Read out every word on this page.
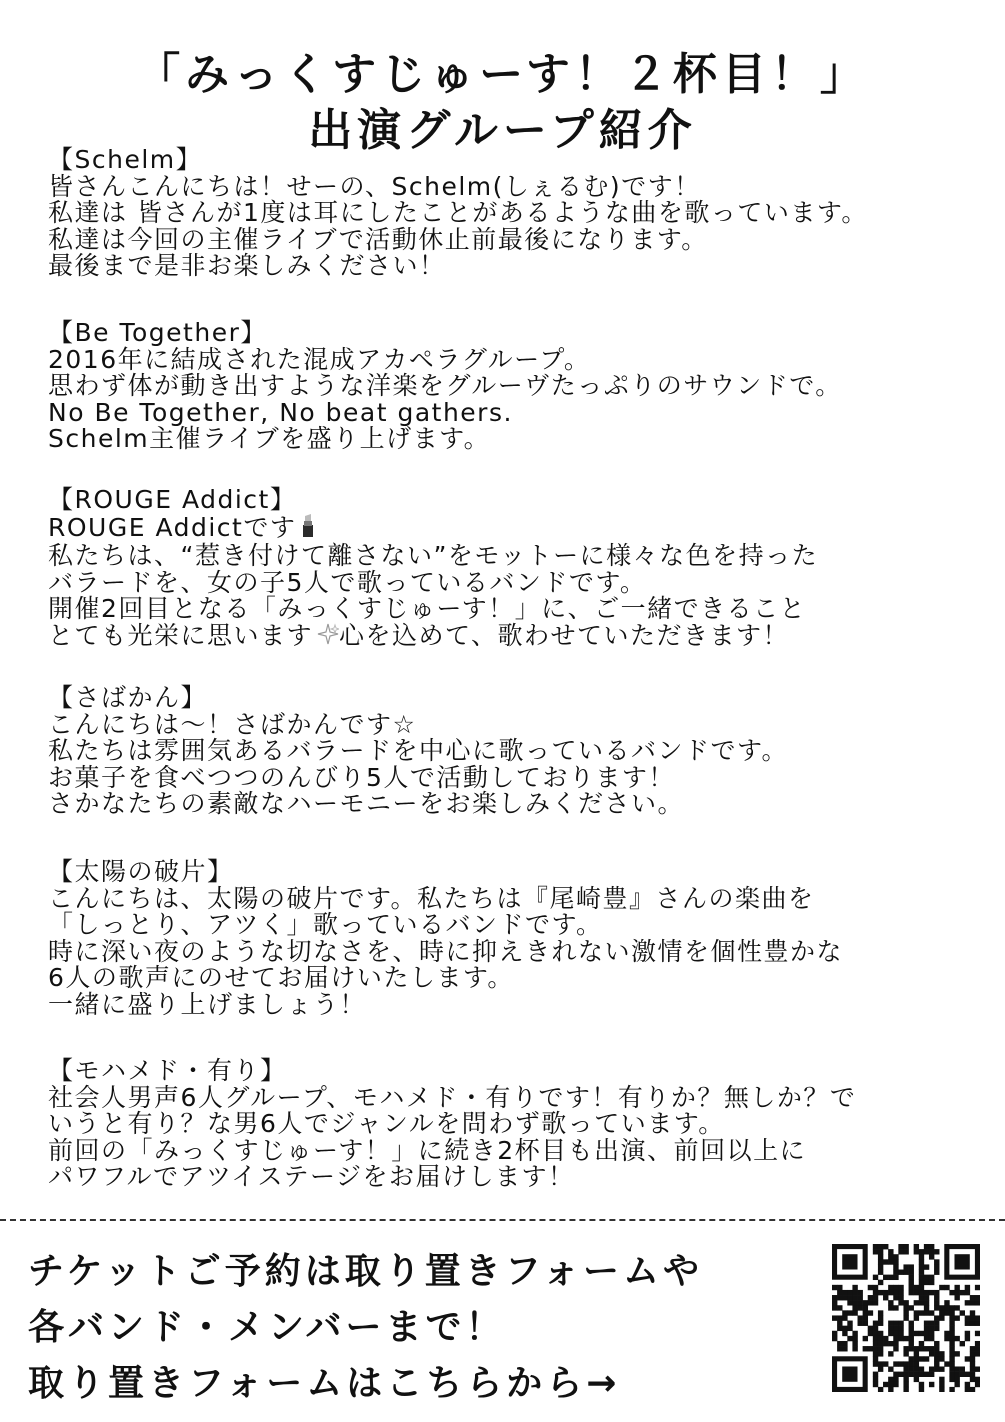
「みっくすじゅーす！２杯目！」
出演グループ紹介
【Schelm】
皆さんこんにちは！せーの、Schelm(しぇるむ)です！
私達は 皆さんが1度は耳にしたことがあるような曲を歌っています。
私達は今回の主催ライブで活動休止前最後になります。
最後まで是非お楽しみください！
【Be Together】
2016年に結成された混成アカペラグループ。
思わず体が動き出すような洋楽をグルーヴたっぷりのサウンドで。
No Be Together, No beat gathers.
Schelm主催ライブを盛り上げます。
【ROUGE Addict】
ROUGE Addictです
私たちは、“惹き付けて離さない”をモットーに様々な色を持った
バラードを、女の子5人で歌っているバンドです。
開催2回目となる「みっくすじゅーす！」に、ご一緒できること
とても光栄に思います 心を込めて、歌わせていただきます！
【さばかん】
こんにちは〜！さばかんです☆
私たちは雰囲気あるバラードを中心に歌っているバンドです。
お菓子を食べつつのんびり5人で活動しております！
さかなたちの素敵なハーモニーをお楽しみください。
【太陽の破片】
こんにちは、太陽の破片です。私たちは『尾崎豊』さんの楽曲を
「しっとり、アツく」歌っているバンドです。
時に深い夜のような切なさを、時に抑えきれない激情を個性豊かな
6人の歌声にのせてお届けいたします。
一緒に盛り上げましょう！
【モハメド・有り】
社会人男声6人グループ、モハメド・有りです！有りか？無しか？で
いうと有り？な男6人でジャンルを問わず歌っています。
前回の「みっくすじゅーす！」に続き2杯目も出演、前回以上に
パワフルでアツイステージをお届けします！
チケットご予約は取り置きフォームや
各バンド・メンバーまで！
取り置きフォームはこちらから→
